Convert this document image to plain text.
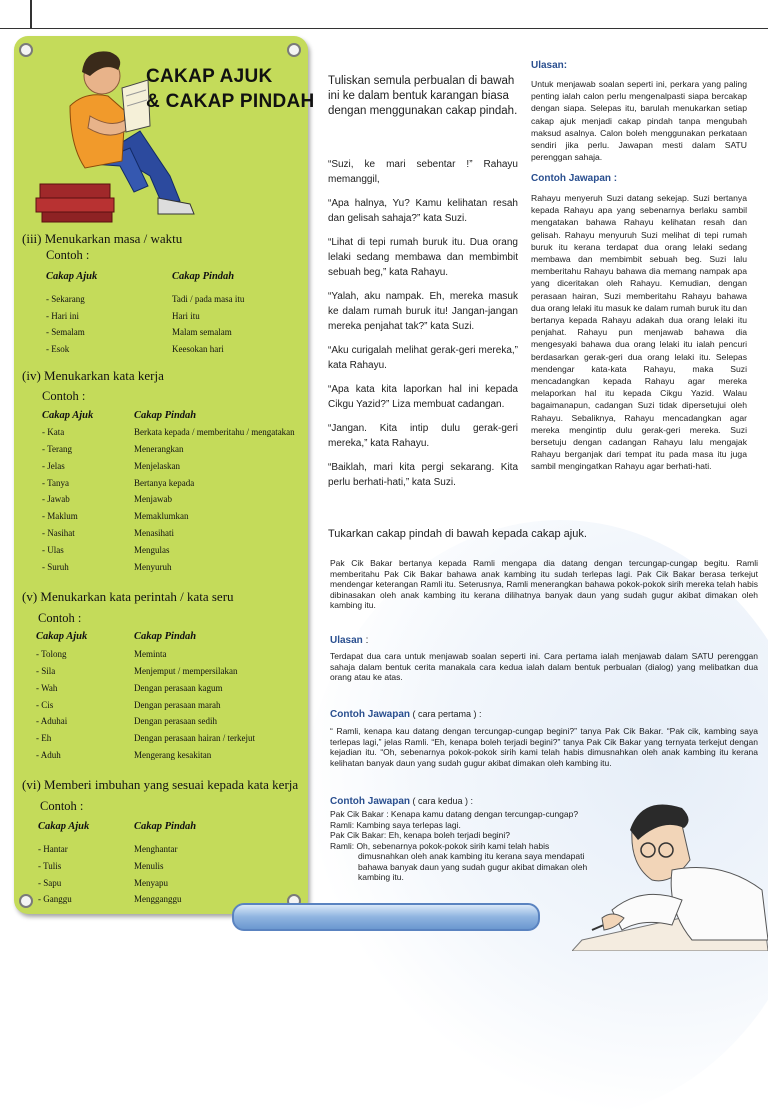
CAKAP AJUK
& CAKAP PINDAH
(iii) Menukarkan masa / waktu
Contoh :
Cakap Ajuk	Cakap Pindah
- Sekarang	Tadi / pada masa itu
- Hari ini	Hari itu
- Semalam	Malam semalam
- Esok	Keesokan hari
(iv) Menukarkan kata kerja
Contoh :
Cakap Ajuk	Cakap Pindah
- Kata	Berkata kepada / memberitahu / mengatakan
- Terang	Menerangkan
- Jelas	Menjelaskan
- Tanya	Bertanya kepada
- Jawab	Menjawab
- Maklum	Memaklumkan
- Nasihat	Menasihati
- Ulas	Mengulas
- Suruh	Menyuruh
(v) Menukarkan kata perintah / kata seru
Contoh :
Cakap Ajuk	Cakap Pindah
- Tolong	Meminta
- Sila	Menjemput / mempersilakan
- Wah	Dengan perasaan kagum
- Cis	Dengan perasaan marah
- Aduhai	Dengan perasaan sedih
- Eh	Dengan perasaan hairan / terkejut
- Aduh	Mengerang kesakitan
(vi) Memberi imbuhan yang sesuai kepada kata kerja
Contoh :
Cakap Ajuk	Cakap Pindah
- Hantar	Menghantar
- Tulis	Menulis
- Sapu	Menyapu
- Ganggu	Mengganggu
Tuliskan semula perbualan di bawah ini ke dalam bentuk karangan biasa dengan menggunakan cakap pindah.

“Suzi, ke mari sebentar !” Rahayu memanggil,

“Apa halnya, Yu? Kamu kelihatan resah dan gelisah sahaja?” kata Suzi.

“Lihat di tepi rumah buruk itu. Dua orang lelaki sedang membawa dan membimbit sebuah beg,” kata Rahayu.

“Yalah, aku nampak. Eh, mereka masuk ke dalam rumah buruk itu! Jangan-jangan mereka penjahat tak?” kata Suzi.

“Aku curigalah melihat gerak-geri mereka,” kata Rahayu.

“Apa kata kita laporkan hal ini kepada Cikgu Yazid?” Liza membuat cadangan.

“Jangan. Kita intip dulu gerak-geri mereka,” kata Rahayu.

“Baiklah, mari kita pergi sekarang. Kita perlu berhati-hati,” kata Suzi.

Ulasan:
Untuk menjawab soalan seperti ini, perkara yang paling penting ialah calon perlu mengenalpasti siapa bercakap dengan siapa. Selepas itu, barulah menukarkan setiap cakap ajuk menjadi cakap pindah tanpa mengubah maksud asalnya. Calon boleh menggunakan perkataan sendiri jika perlu. Jawapan mesti dalam SATU perenggan sahaja.
Contoh Jawapan :
Rahayu menyeruh Suzi datang sekejap. Suzi bertanya kepada Rahayu apa yang sebenarnya berlaku sambil mengatakan bahawa Rahayu kelihatan resah dan gelisah. Rahayu menyuruh Suzi melihat di tepi rumah buruk itu kerana terdapat dua orang lelaki sedang membawa dan membimbit sebuah beg. Suzi lalu memberitahu Rahayu bahawa dia memang nampak apa yang diceritakan oleh Rahayu. Kemudian, dengan perasaan hairan, Suzi memberitahu Rahayu bahawa dua orang lelaki itu masuk ke dalam rumah buruk itu dan bertanya kepada Rahayu adakah dua orang lelaki itu penjahat. Rahayu pun menjawab bahawa dia mengesyaki bahawa dua orang lelaki itu ialah pencuri berdasarkan gerak-geri dua orang lelaki itu. Selepas mendengar kata-kata Rahayu, maka Suzi mencadangkan kepada Rahayu agar mereka melaporkan hal itu kepada Cikgu Yazid. Walau bagaimanapun, cadangan Suzi tidak dipersetujui oleh Rahayu. Sebaliknya, Rahayu mencadangkan agar mereka mengintip dulu gerak-geri mereka. Suzi bersetuju dengan cadangan Rahayu lalu mengajak Rahayu berganjak dari tempat itu pada masa itu juga sambil mengingatkan Rahayu agar berhati-hati.
Tukarkan cakap pindah di bawah kepada cakap ajuk.
Pak Cik Bakar bertanya kepada Ramli mengapa dia datang dengan tercungap-cungap begitu. Ramli memberitahu Pak Cik Bakar bahawa anak kambing itu sudah terlepas lagi. Pak Cik Bakar berasa terkejut mendengar keterangan Ramli itu. Seterusnya, Ramli menerangkan bahawa pokok-pokok sirih mereka telah habis dibinasakan oleh anak kambing itu kerana dilihatnya banyak daun yang sudah gugur akibat dimakan oleh kambing itu.
Ulasan :
Terdapat dua cara untuk menjawab soalan seperti ini. Cara pertama ialah menjawab dalam SATU perenggan sahaja dalam bentuk cerita manakala cara kedua ialah dalam bentuk perbualan (dialog) yang melibatkan dua orang atau ke atas.
Contoh Jawapan ( cara pertama ) :
“ Ramli, kenapa kau datang dengan tercungap-cungap begini?” tanya Pak Cik Bakar. “Pak cik, kambing saya terlepas lagi,” jelas Ramli. “Eh, kenapa boleh terjadi begini?” tanya Pak Cik Bakar yang ternyata terkejut dengan kejadian itu. “Oh, sebenarnya pokok-pokok sirih kami telah habis dimusnahkan oleh anak kambing itu kerana kelihatan banyak daun yang sudah gugur akibat dimakan oleh kambing itu.
Contoh Jawapan ( cara kedua ) :
Pak Cik Bakar : Kenapa kamu datang dengan tercungap-cungap?
Ramli: Kambing saya terlepas lagi.
Pak Cik Bakar: Eh, kenapa boleh terjadi begini?
Ramli: Oh, sebenarnya pokok-pokok sirih kami telah habis
dimusnahkan oleh anak kambing itu kerana saya mendapati bahawa banyak daun yang sudah gugur akibat dimakan oleh kambing itu.
